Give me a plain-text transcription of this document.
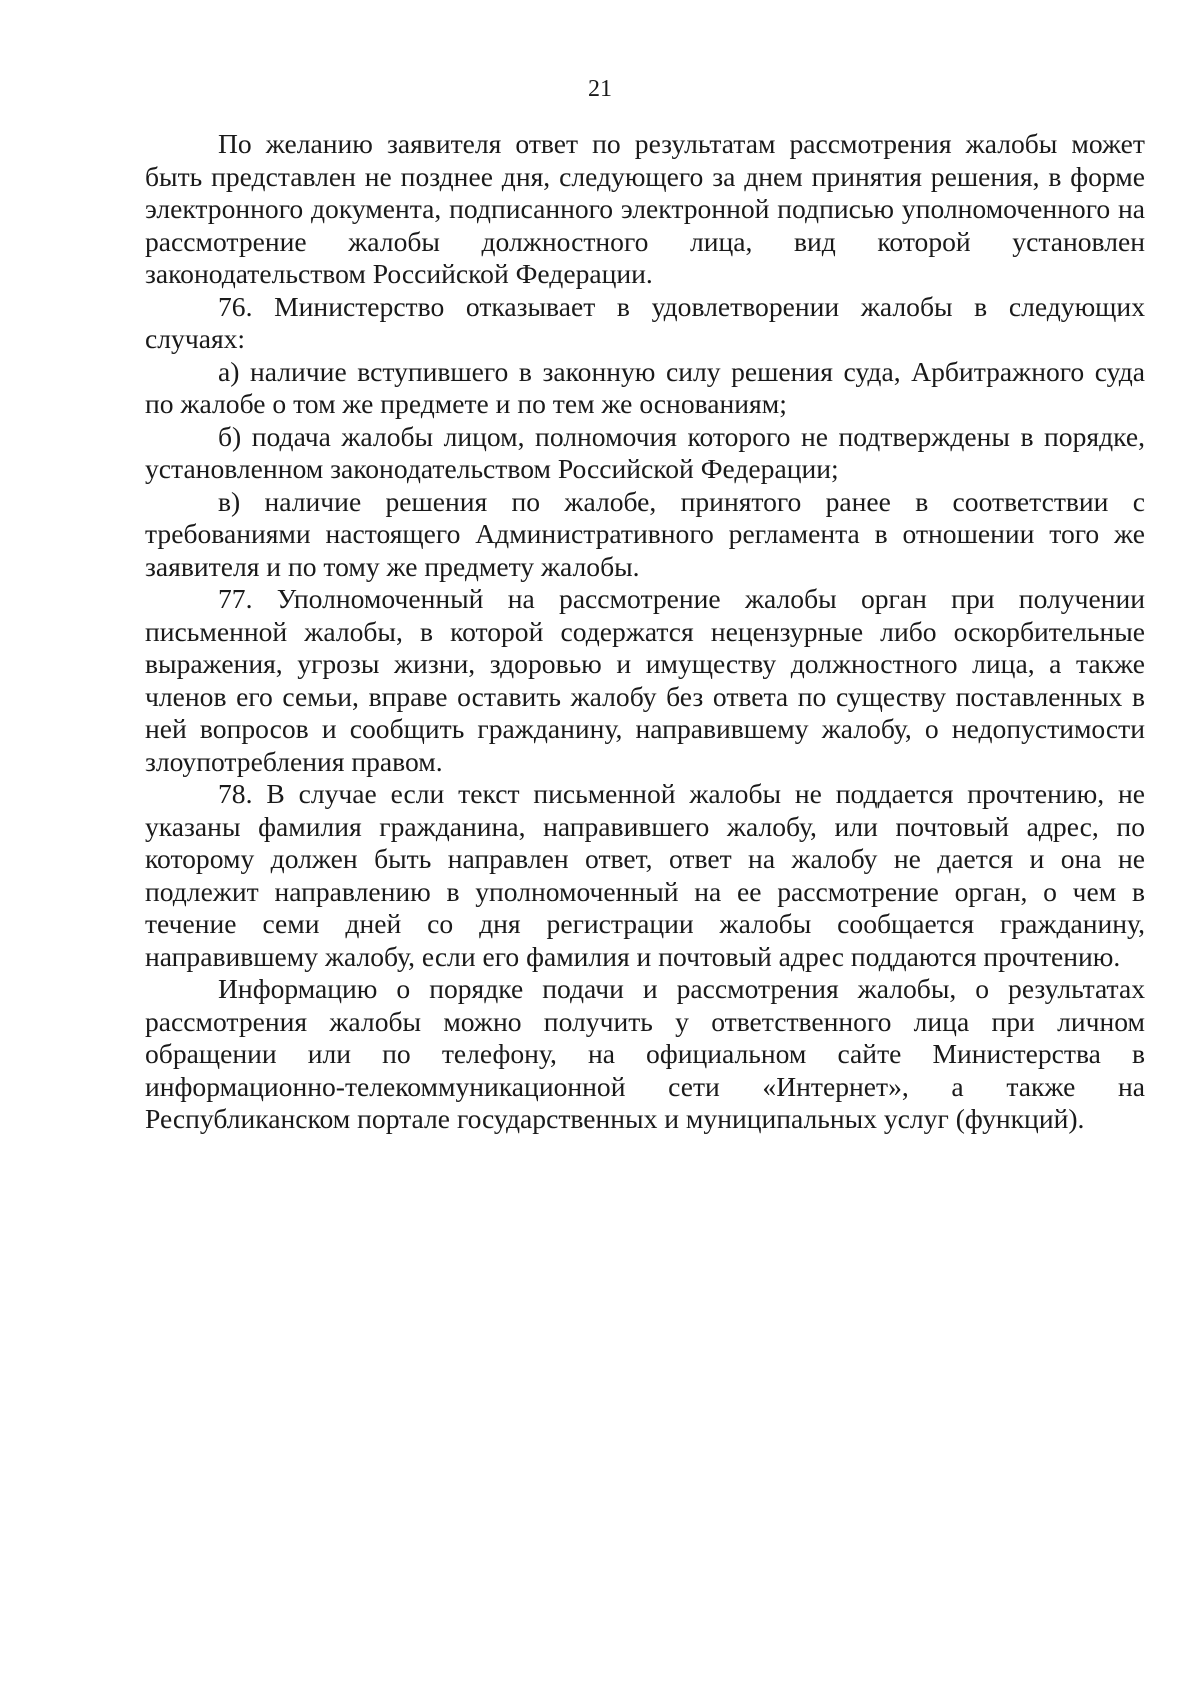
21

По желанию заявителя ответ по результатам рассмотрения жалобы может быть представлен не позднее дня, следующего за днем принятия решения, в форме электронного документа, подписанного электронной подписью уполномоченного на рассмотрение жалобы должностного лица, вид которой установлен законодательством Российской Федерации.

76. Министерство отказывает в удовлетворении жалобы в следующих случаях:

а) наличие вступившего в законную силу решения суда, Арбитражного суда по жалобе о том же предмете и по тем же основаниям;

б) подача жалобы лицом, полномочия которого не подтверждены в порядке, установленном законодательством Российской Федерации;

в) наличие решения по жалобе, принятого ранее в соответствии с требованиями настоящего Административного регламента в отношении того же заявителя и по тому же предмету жалобы.

77. Уполномоченный на рассмотрение жалобы орган при получении письменной жалобы, в которой содержатся нецензурные либо оскорбительные выражения, угрозы жизни, здоровью и имуществу должностного лица, а также членов его семьи, вправе оставить жалобу без ответа по существу поставленных в ней вопросов и сообщить гражданину, направившему жалобу, о недопустимости злоупотребления правом.

78. В случае если текст письменной жалобы не поддается прочтению, не указаны фамилия гражданина, направившего жалобу, или почтовый адрес, по которому должен быть направлен ответ, ответ на жалобу не дается и она не подлежит направлению в уполномоченный на ее рассмотрение орган, о чем в течение семи дней со дня регистрации жалобы сообщается гражданину, направившему жалобу, если его фамилия и почтовый адрес поддаются прочтению.

Информацию о порядке подачи и рассмотрения жалобы, о результатах рассмотрения жалобы можно получить у ответственного лица при личном обращении или по телефону, на официальном сайте Министерства в информационно-телекоммуникационной сети «Интернет», а также на Республиканском портале государственных и муниципальных услуг (функций).
